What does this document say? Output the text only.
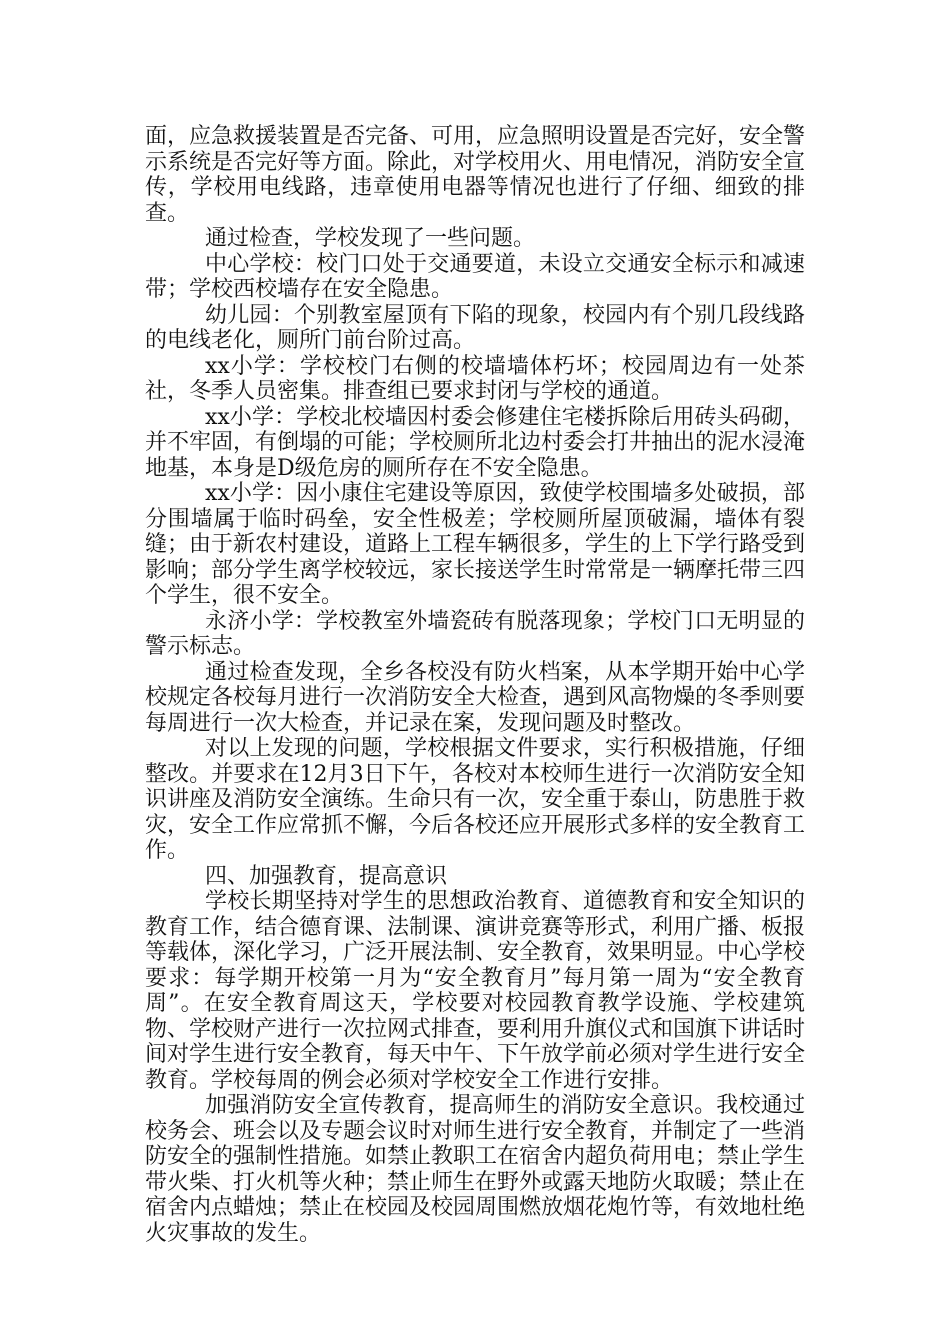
面，应急救援装置是否完备、可用，应急照明设置是否完好，安全警示系统是否完好等方面。除此，对学校用火、用电情况，消防安全宣传，学校用电线路，违章使用电器等情况也进行了仔细、细致的排查。

通过检查，学校发现了一些问题。

中心学校：校门口处于交通要道，未设立交通安全标示和减速带；学校西校墙存在安全隐患。

幼儿园：个别教室屋顶有下陷的现象，校园内有个别几段线路的电线老化，厕所门前台阶过高。

xx小学：学校校门右侧的校墙墙体朽坏；校园周边有一处茶社，冬季人员密集。排查组已要求封闭与学校的通道。

xx小学：学校北校墙因村委会修建住宅楼拆除后用砖头码砌，并不牢固，有倒塌的可能；学校厕所北边村委会打井抽出的泥水浸淹地基，本身是D级危房的厕所存在不安全隐患。

xx小学：因小康住宅建设等原因，致使学校围墙多处破损，部分围墙属于临时码垒，安全性极差；学校厕所屋顶破漏，墙体有裂缝；由于新农村建设，道路上工程车辆很多，学生的上下学行路受到影响；部分学生离学校较远，家长接送学生时常常是一辆摩托带三四个学生，很不安全。

永济小学：学校教室外墙瓷砖有脱落现象；学校门口无明显的警示标志。

通过检查发现，全乡各校没有防火档案，从本学期开始中心学校规定各校每月进行一次消防安全大检查，遇到风高物燥的冬季则要每周进行一次大检查，并记录在案，发现问题及时整改。

对以上发现的问题，学校根据文件要求，实行积极措施，仔细整改。并要求在12月3日下午，各校对本校师生进行一次消防安全知识讲座及消防安全演练。生命只有一次，安全重于泰山，防患胜于救灾，安全工作应常抓不懈，今后各校还应开展形式多样的安全教育工作。

四、加强教育，提高意识

学校长期坚持对学生的思想政治教育、道德教育和安全知识的教育工作，结合德育课、法制课、演讲竞赛等形式，利用广播、板报等载体，深化学习，广泛开展法制、安全教育，效果明显。中心学校要求：每学期开校第一月为“安全教育月”每月第一周为“安全教育周”。在安全教育周这天，学校要对校园教育教学设施、学校建筑物、学校财产进行一次拉网式排查，要利用升旗仪式和国旗下讲话时间对学生进行安全教育，每天中午、下午放学前必须对学生进行安全教育。学校每周的例会必须对学校安全工作进行安排。

加强消防安全宣传教育，提高师生的消防安全意识。我校通过校务会、班会以及专题会议时对师生进行安全教育，并制定了一些消防安全的强制性措施。如禁止教职工在宿舍内超负荷用电；禁止学生带火柴、打火机等火种；禁止师生在野外或露天地防火取暖；禁止在宿舍内点蜡烛；禁止在校园及校园周围燃放烟花炮竹等，有效地杜绝火灾事故的发生。
